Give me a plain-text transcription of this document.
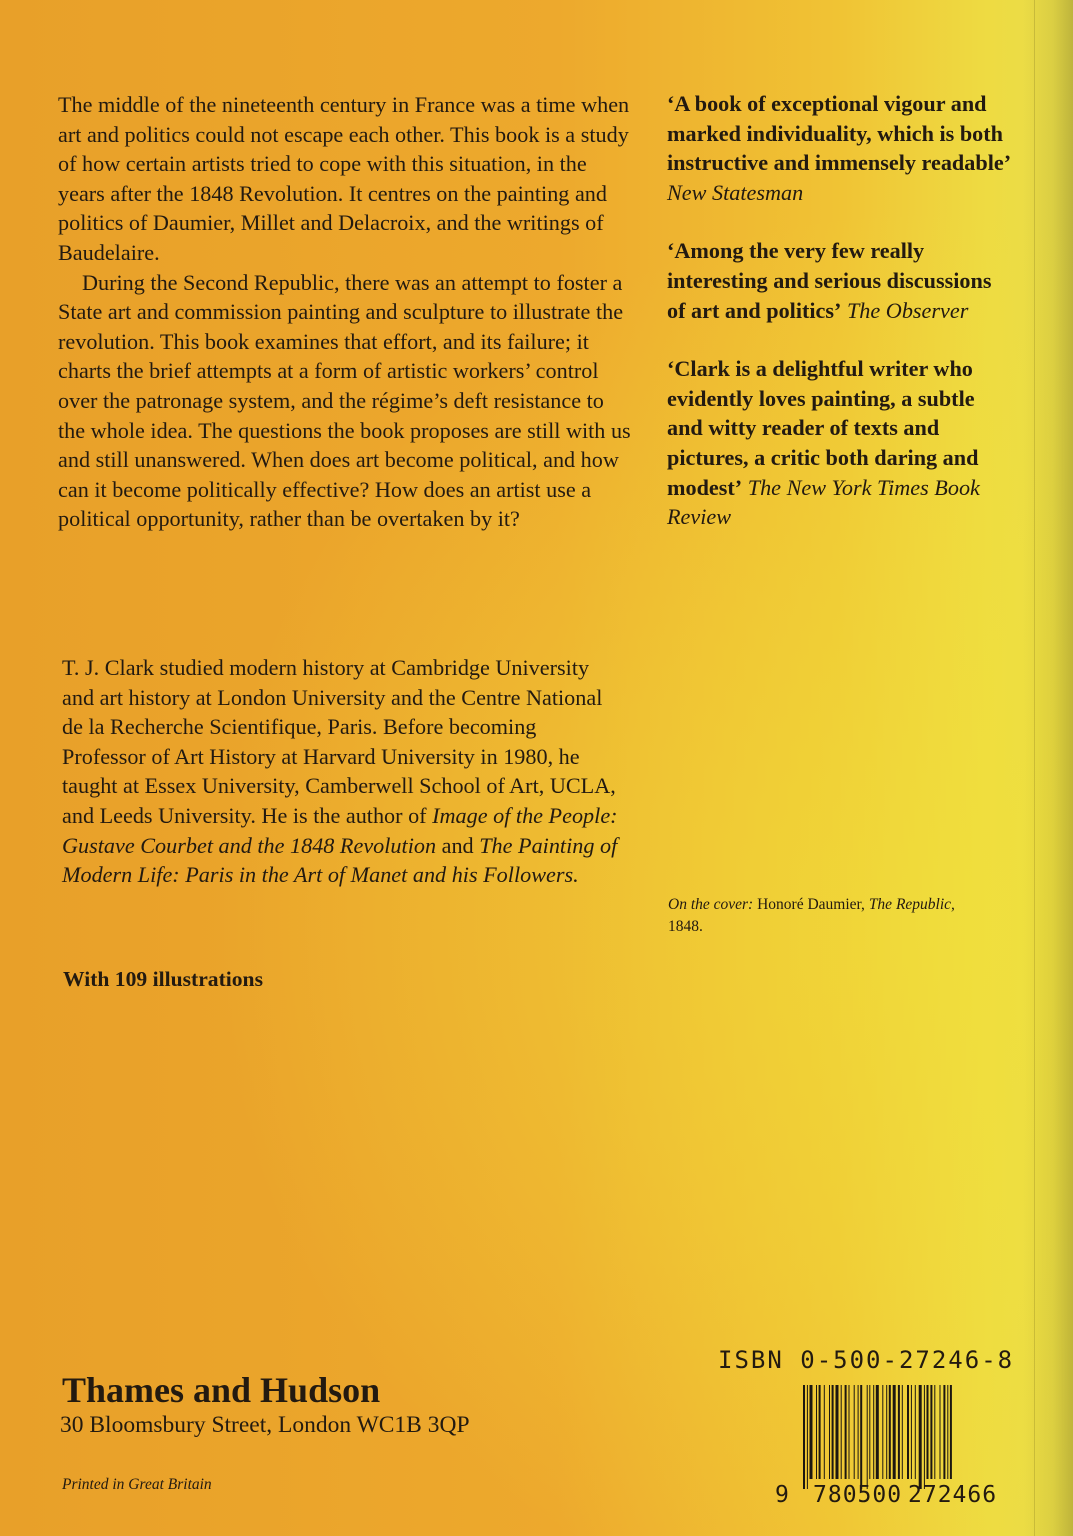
The middle of the nineteenth century in France was a time when art and politics could not escape each other. This book is a study of how certain artists tried to cope with this situation, in the years after the 1848 Revolution. It centres on the painting and politics of Daumier, Millet and Delacroix, and the writings of Baudelaire.

During the Second Republic, there was an attempt to foster a State art and commission painting and sculpture to illustrate the revolution. This book examines that effort, and its failure; it charts the brief attempts at a form of artistic workers’ control over the patronage system, and the régime’s deft resistance to the whole idea. The questions the book proposes are still with us and still unanswered. When does art become political, and how can it become politically effective? How does an artist use a political opportunity, rather than be overtaken by it?

T. J. Clark studied modern history at Cambridge University and art history at London University and the Centre National de la Recherche Scientifique, Paris. Before becoming Professor of Art History at Harvard University in 1980, he taught at Essex University, Camberwell School of Art, UCLA, and Leeds University. He is the author of Image of the People: Gustave Courbet and the 1848 Revolution and The Painting of Modern Life: Paris in the Art of Manet and his Followers.

With 109 illustrations

‘A book of exceptional vigour and marked individuality, which is both instructive and immensely readable’ New Statesman

‘Among the very few really interesting and serious discussions of art and politics’ The Observer

‘Clark is a delightful writer who evidently loves painting, a subtle and witty reader of texts and pictures, a critic both daring and modest’ The New York Times Book Review

On the cover: Honoré Daumier, The Republic, 1848.

Thames and Hudson

30 Bloomsbury Street, London WC1B 3QP

Printed in Great Britain

ISBN 0-500-27246-8

9 780500 272466
